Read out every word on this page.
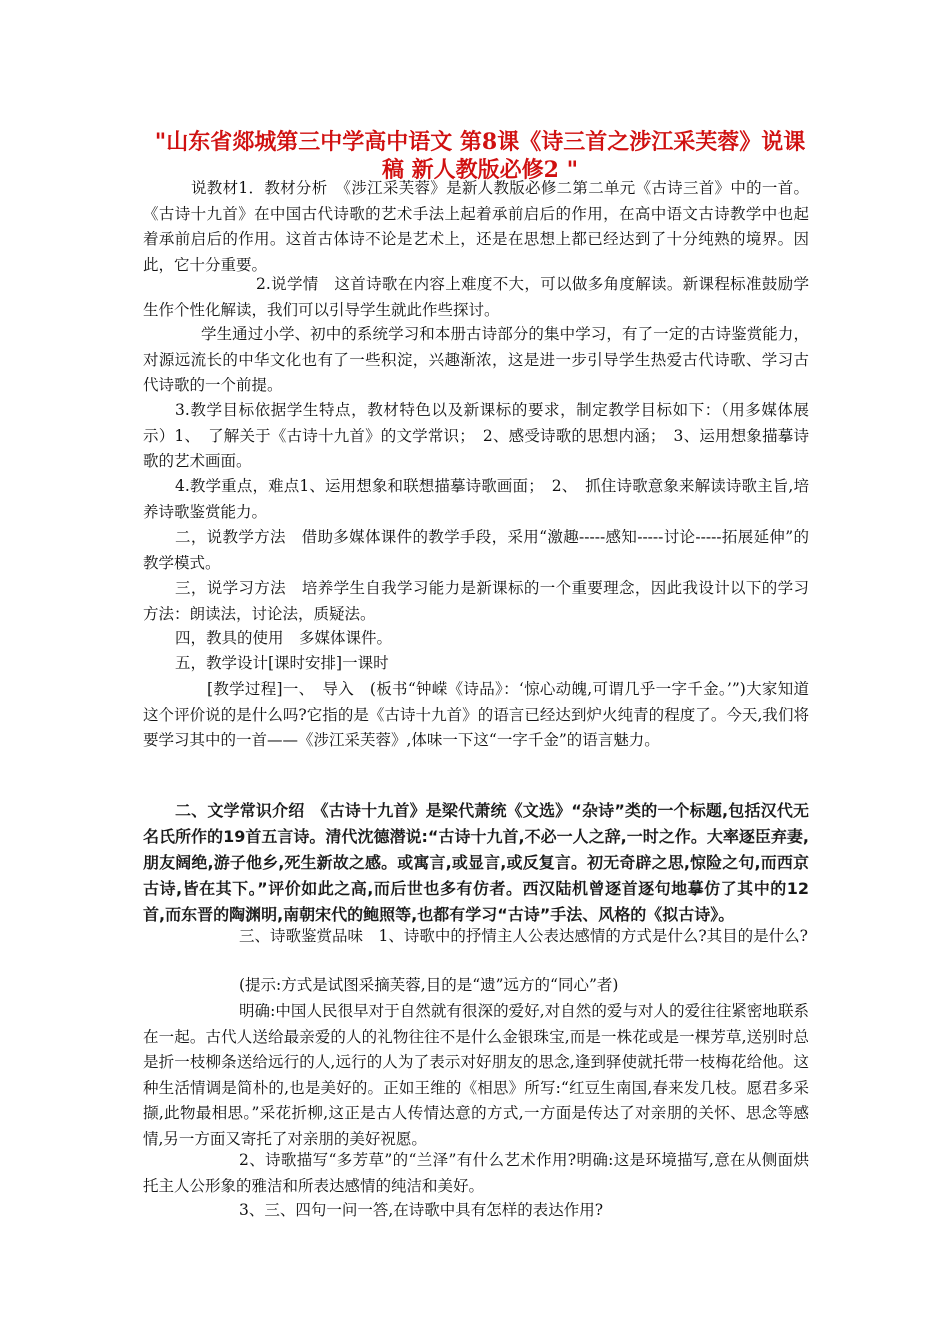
"山东省郯城第三中学高中语文 第8课《诗三首之涉江采芙蓉》说课稿 新人教版必修2 "

说教材1．教材分析　《涉江采芙蓉》是新人教版必修二第二单元《古诗三首》中的一首。《古诗十九首》在中国古代诗歌的艺术手法上起着承前启后的作用，在高中语文古诗教学中也起着承前启后的作用。这首古体诗不论是艺术上，还是在思想上都已经达到了十分纯熟的境界。因此，它十分重要。

2.说学情　这首诗歌在内容上难度不大，可以做多角度解读。新课程标准鼓励学生作个性化解读，我们可以引导学生就此作些探讨。

学生通过小学、初中的系统学习和本册古诗部分的集中学习，有了一定的古诗鉴赏能力，对源远流长的中华文化也有了一些积淀，兴趣渐浓，这是进一步引导学生热爱古代诗歌、学习古代诗歌的一个前提。

3.教学目标依据学生特点，教材特色以及新课标的要求，制定教学目标如下：（用多媒体展示）1、　了解关于《古诗十九首》的文学常识；　2、感受诗歌的思想内涵；　3、运用想象描摹诗歌的艺术画面。

4.教学重点，难点1、运用想象和联想描摹诗歌画面；　2、　抓住诗歌意象来解读诗歌主旨,培养诗歌鉴赏能力。

二，说教学方法　借助多媒体课件的教学手段，采用“激趣-----感知-----讨论-----拓展延伸”的教学模式。

三，说学习方法　培养学生自我学习能力是新课标的一个重要理念，因此我设计以下的学习方法：朗读法，讨论法，质疑法。

四，教具的使用　多媒体课件。

五，教学设计[课时安排]一课时

[教学过程]一、　导入　(板书“钟嵘《诗品》：‘惊心动魄,可谓几乎一字千金。’”)大家知道这个评价说的是什么吗?它指的是《古诗十九首》的语言已经达到炉火纯青的程度了。今天,我们将要学习其中的一首——《涉江采芙蓉》,体味一下这“一字千金”的语言魅力。

二、文学常识介绍　《古诗十九首》是梁代萧统《文选》“杂诗”类的一个标题,包括汉代无名氏所作的19首五言诗。清代沈德潜说:“古诗十九首,不必一人之辞,一时之作。大率逐臣弃妻,朋友阔绝,游子他乡,死生新故之感。或寓言,或显言,或反复言。初无奇辟之思,惊险之句,而西京古诗,皆在其下。”评价如此之高,而后世也多有仿者。西汉陆机曾逐首逐句地摹仿了其中的12首,而东晋的陶渊明,南朝宋代的鲍照等,也都有学习“古诗”手法、风格的《拟古诗》。

三、诗歌鉴赏品味　1、诗歌中的抒情主人公表达感情的方式是什么?其目的是什么?

(提示:方式是试图采摘芙蓉,目的是“遗”远方的“同心”者)

明确:中国人民很早对于自然就有很深的爱好,对自然的爱与对人的爱往往紧密地联系在一起。古代人送给最亲爱的人的礼物往往不是什么金银珠宝,而是一株花或是一棵芳草,送别时总是折一枝柳条送给远行的人,远行的人为了表示对好朋友的思念,逢到驿使就托带一枝梅花给他。这种生活情调是简朴的,也是美好的。正如王维的《相思》所写:“红豆生南国,春来发几枝。愿君多采撷,此物最相思。”采花折柳,这正是古人传情达意的方式,一方面是传达了对亲朋的关怀、思念等感情,另一方面又寄托了对亲朋的美好祝愿。

2、诗歌描写“多芳草”的“兰泽”有什么艺术作用?明确:这是环境描写,意在从侧面烘托主人公形象的雅洁和所表达感情的纯洁和美好。

3、三、四句一问一答,在诗歌中具有怎样的表达作用?
